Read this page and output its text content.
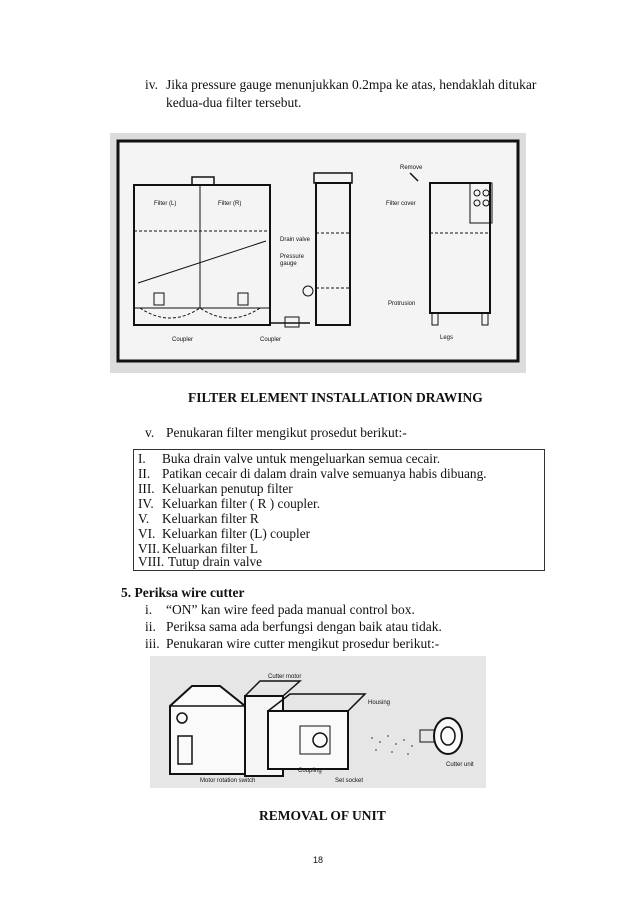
iv. Jika pressure gauge menunjukkan 0.2mpa ke atas, hendaklah ditukar
kedua-dua filter tersebut.
Filter (L)	Filter (R)
Drain valve
Pressure
gauge
Coupler	Coupler
Remove
Filter cover
Protrusion
Legs
FILTER ELEMENT INSTALLATION DRAWING
v. Penukaran filter mengikut prosedut berikut:-
I. Buka drain valve untuk mengeluarkan semua cecair.
II. Patikan cecair di dalam drain valve semuanya habis dibuang.
III. Keluarkan penutup filter
IV. Keluarkan filter ( R ) coupler.
V. Keluarkan filter R
VI. Keluarkan filter (L) coupler
VII. Keluarkan filter L
VIII. Tutup drain valve
5. Periksa wire cutter
i. “ON” kan wire feed pada manual control box.
ii. Periksa sama ada berfungsi dengan baik atau tidak.
iii. Penukaran wire cutter mengikut prosedur berikut:-
Cutter motor
Housing
Cutter unit
Coupling
Set socket
Motor rotation switch
REMOVAL OF UNIT
18
